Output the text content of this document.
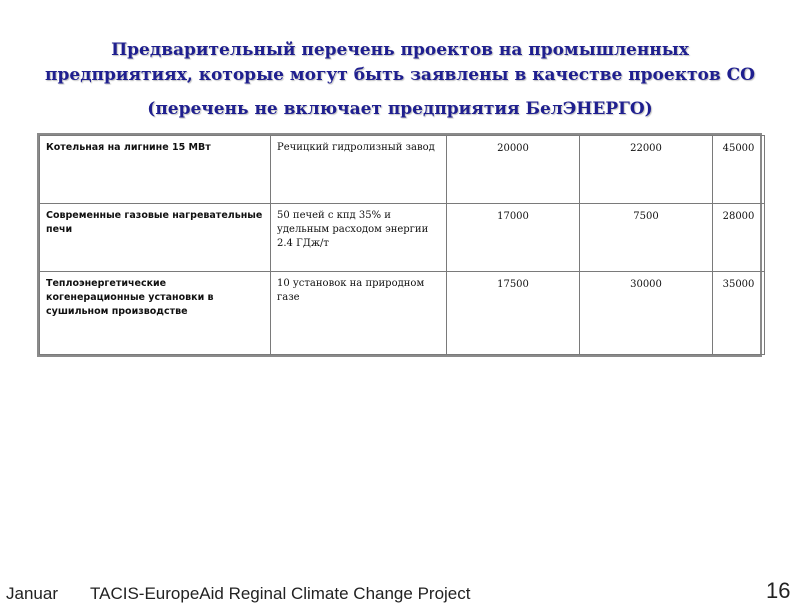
Предварительный перечень проектов на промышленных предприятиях, которые могут быть заявлены в качестве проектов СО
(перечень не включает предприятия БелЭНЕРГО)
Котельная на лигнине 15 МВт	Речицкий гидролизный завод	20000	22000	45000
Современные газовые нагревательные печи	50 печей с кпд 35% и удельным расходом энергии 2.4 ГДж/т	17000	7500	28000
Теплоэнергетические когенерационные установки в сушильном производстве	10 установок на природном газе	17500	30000	35000
Januar TACIS-EuropeAid Reginal Climate Change Project	16
